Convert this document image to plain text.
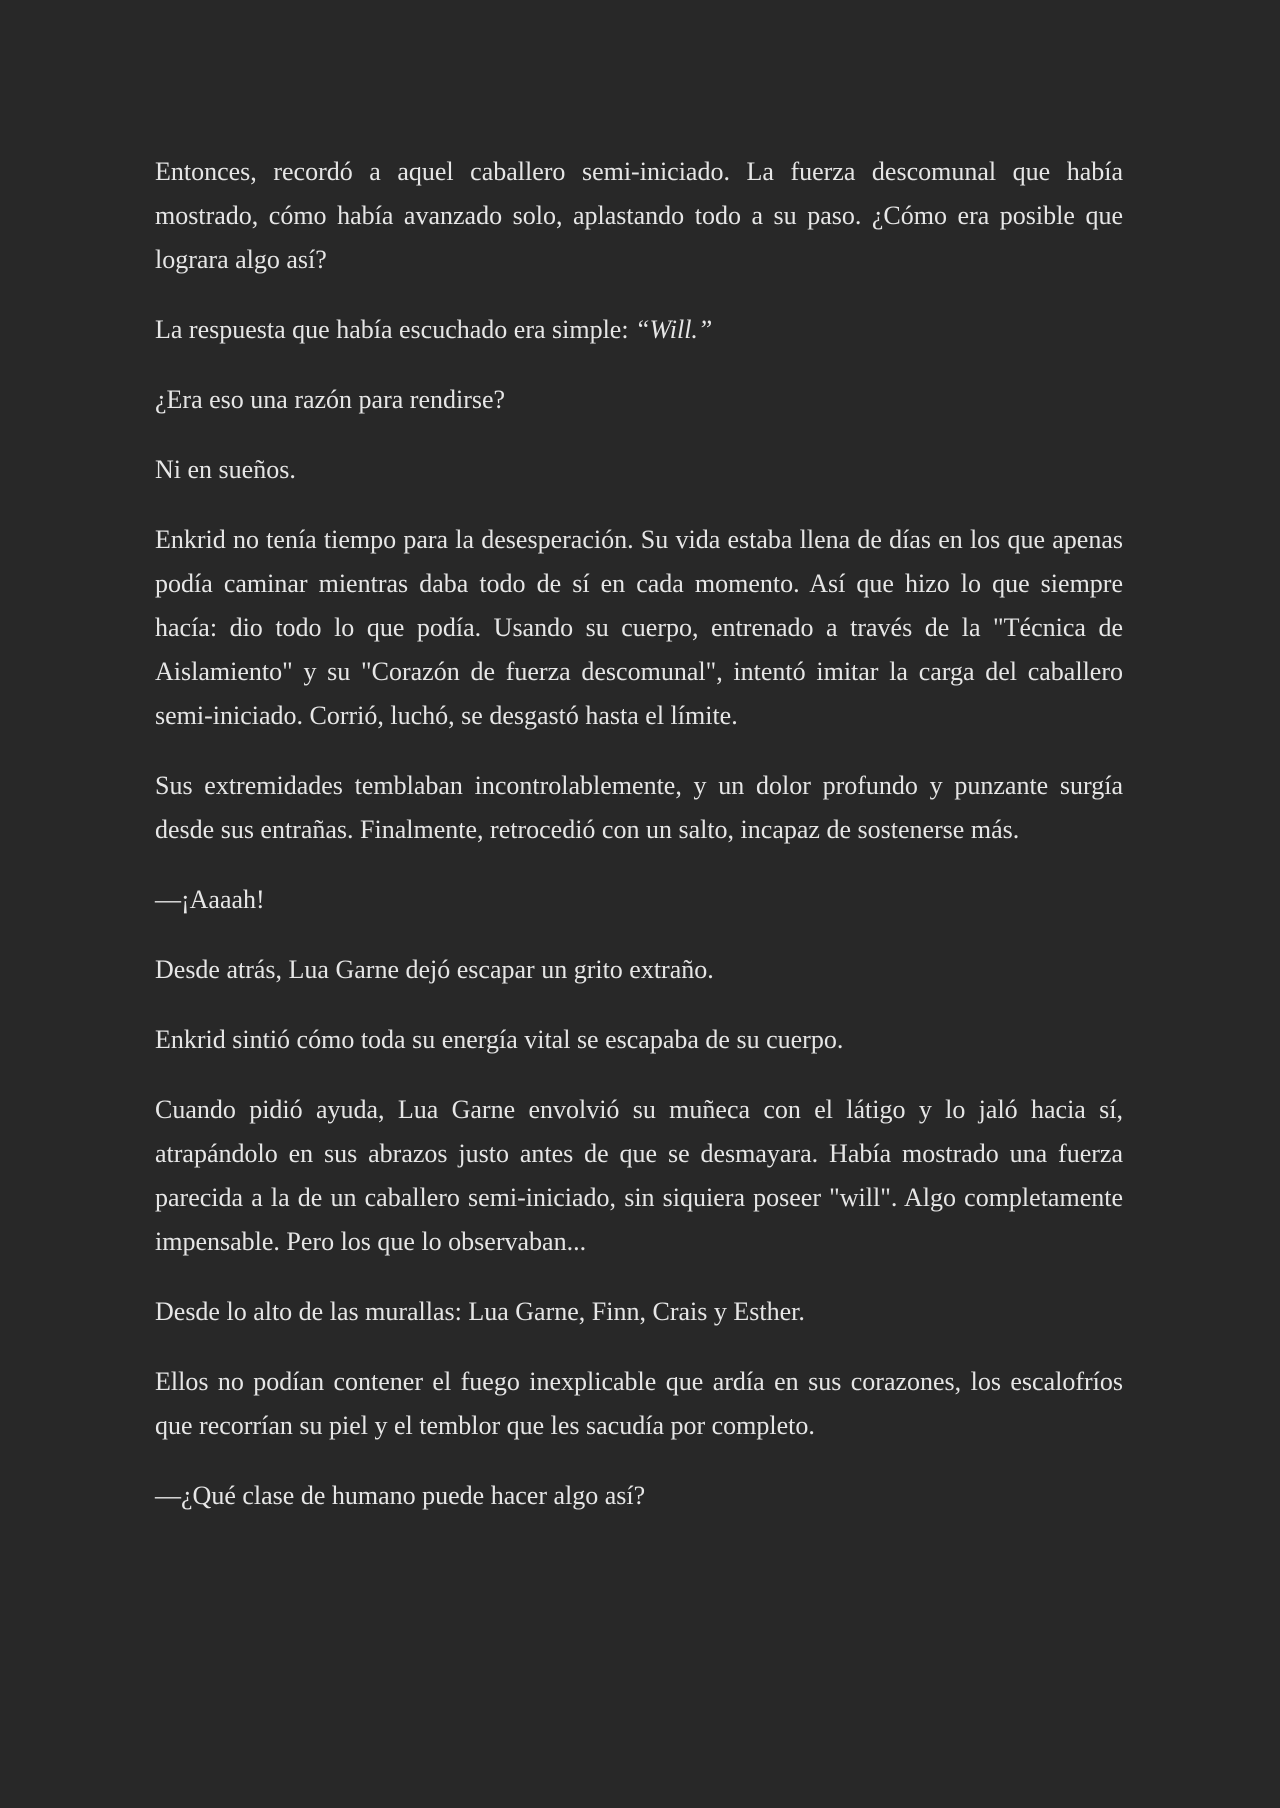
Entonces, recordó a aquel caballero semi-iniciado. La fuerza descomunal que había mostrado, cómo había avanzado solo, aplastando todo a su paso. ¿Cómo era posible que lograra algo así?

La respuesta que había escuchado era simple: “Will.”

¿Era eso una razón para rendirse?

Ni en sueños.

Enkrid no tenía tiempo para la desesperación. Su vida estaba llena de días en los que apenas podía caminar mientras daba todo de sí en cada momento. Así que hizo lo que siempre hacía: dio todo lo que podía. Usando su cuerpo, entrenado a través de la "Técnica de Aislamiento" y su "Corazón de fuerza descomunal", intentó imitar la carga del caballero semi-iniciado. Corrió, luchó, se desgastó hasta el límite.

Sus extremidades temblaban incontrolablemente, y un dolor profundo y punzante surgía desde sus entrañas. Finalmente, retrocedió con un salto, incapaz de sostenerse más.

—¡Aaaah!

Desde atrás, Lua Garne dejó escapar un grito extraño.

Enkrid sintió cómo toda su energía vital se escapaba de su cuerpo.

Cuando pidió ayuda, Lua Garne envolvió su muñeca con el látigo y lo jaló hacia sí, atrapándolo en sus abrazos justo antes de que se desmayara. Había mostrado una fuerza parecida a la de un caballero semi-iniciado, sin siquiera poseer "will". Algo completamente impensable. Pero los que lo observaban...

Desde lo alto de las murallas: Lua Garne, Finn, Crais y Esther.

Ellos no podían contener el fuego inexplicable que ardía en sus corazones, los escalofríos que recorrían su piel y el temblor que les sacudía por completo.

—¿Qué clase de humano puede hacer algo así?
